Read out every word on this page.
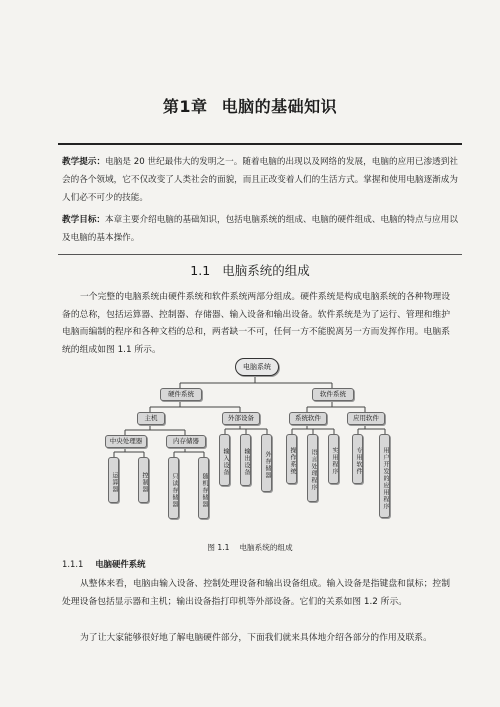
第1章 电脑的基础知识

教学提示：电脑是 20 世纪最伟大的发明之一。随着电脑的出现以及网络的发展，电脑的应用已渗透到社会的各个领域，它不仅改变了人类社会的面貌，而且正改变着人们的生活方式。掌握和使用电脑逐渐成为人们必不可少的技能。

教学目标：本章主要介绍电脑的基础知识，包括电脑系统的组成、电脑的硬件组成、电脑的特点与应用以及电脑的基本操作。

1.1 电脑系统的组成

一个完整的电脑系统由硬件系统和软件系统两部分组成。硬件系统是构成电脑系统的各种物理设备的总称，包括运算器、控制器、存储器、输入设备和输出设备。软件系统是为了运行、管理和维护电脑而编制的程序和各种文档的总和，两者缺一不可，任何一方不能脱离另一方而发挥作用。电脑系统的组成如图 1.1 所示。

电脑系统
硬件系统	软件系统
主机	外部设备	系统软件	应用软件
中央处理器	内存储器
运算器	控制器	只读存储器	随机存储器
输入设备	输出设备	外存储器	操作系统	语言处理程序	实用程序	专用软件	用户开发的应用程序
图 1.1 电脑系统的组成
1.1.1 电脑硬件系统

从整体来看，电脑由输入设备、控制处理设备和输出设备组成。输入设备是指键盘和鼠标；控制处理设备包括显示器和主机；输出设备指打印机等外部设备。它们的关系如图 1.2 所示。

为了让大家能够很好地了解电脑硬件部分，下面我们就来具体地介绍各部分的作用及联系。
